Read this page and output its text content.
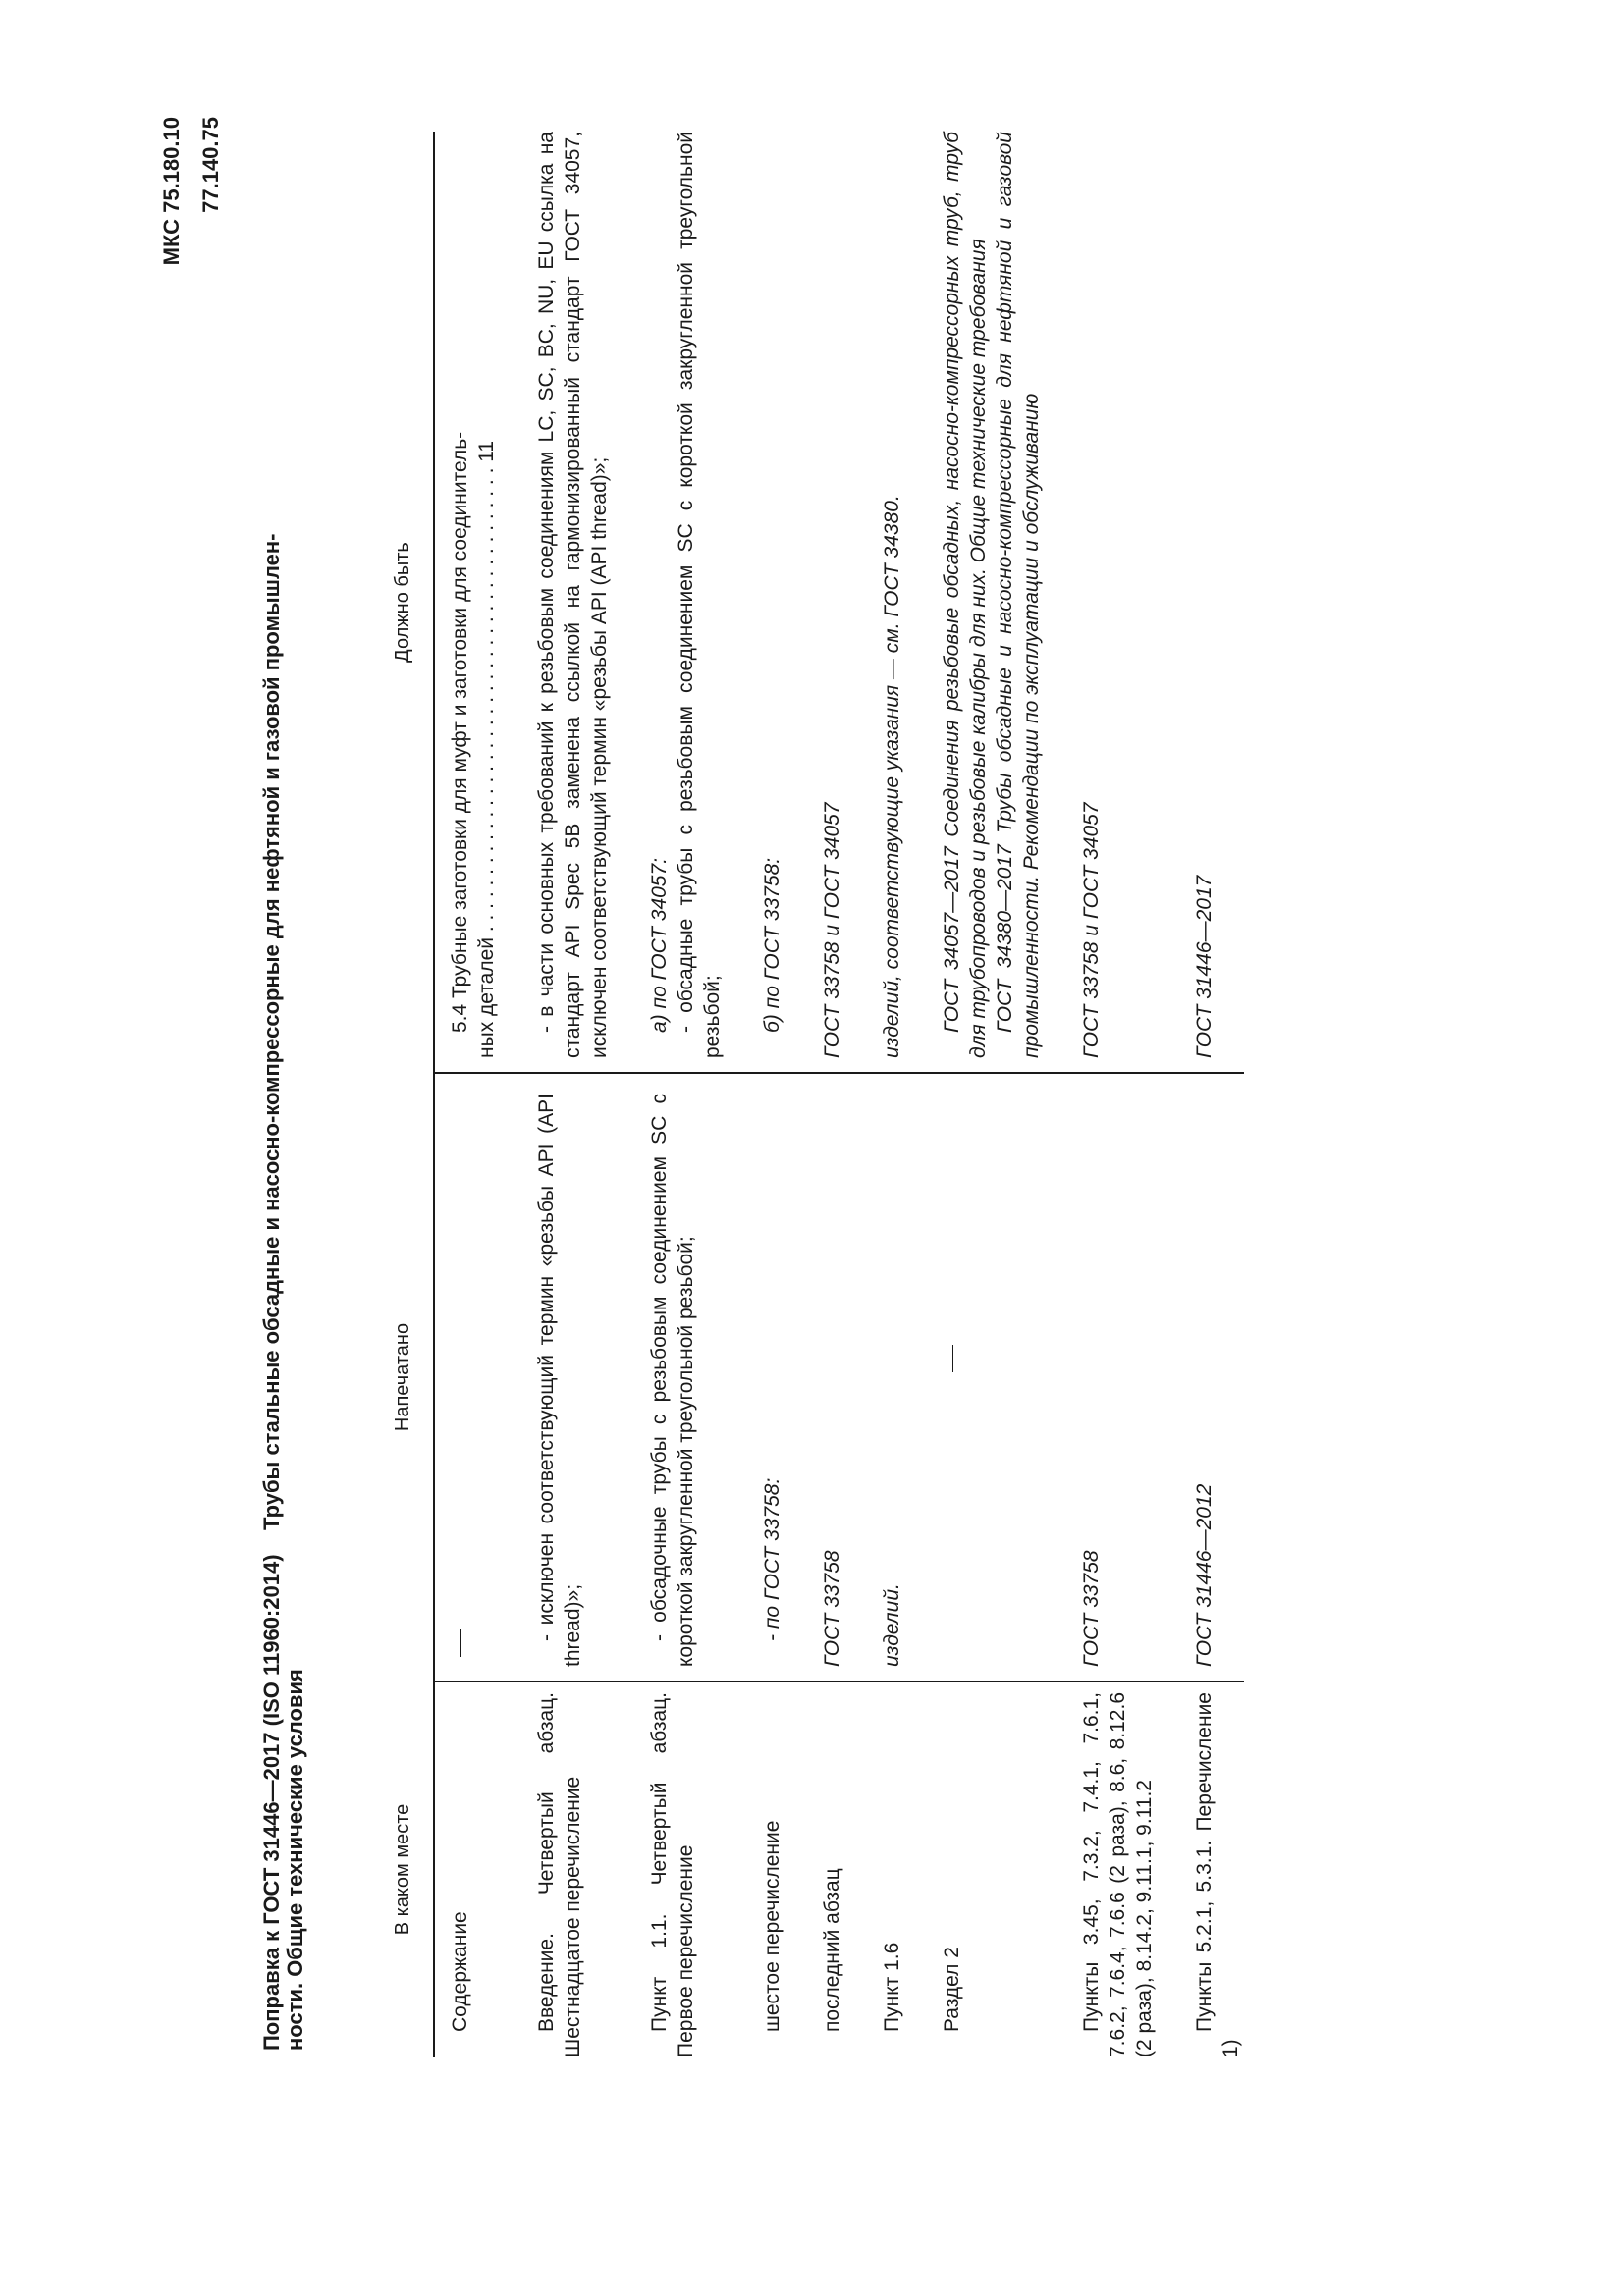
МКС 75.180.10 77.140.75
Поправка к ГОСТ 31446—2017 (ISO 11960:2014)    Трубы стальные обсадные и насосно-компрессорные для нефтяной и газовой промышлен- ности. Общие технические условия	В каком месте	Напечатано	Должно быть
Содержание		5.4 Трубные заготовки для муфт и заготовки для соединитель- ных деталей . . . . . . . . . . . . . . . . . . . . . . . . . . . . . . . . . . . . . . . . . 11

Введение. Четвертый абзац. Шестнадцатое перечисление	- исключен соответствующий термин «резьбы API (API thread)»;	- в части основных требований к резьбовым соединениям LC, SC, BC, NU, EU ссылка на стандарт API Spec 5B заменена ссылкой на гармонизированный стандарт ГОСТ 34057, исключен соответствующий термин «резьбы API (API thread)»;
Пункт 1.1. Четвертый абзац. Первое перечисление	- обсадочные трубы с резьбовым соединением SC с короткой закругленной треугольной резьбой;	а) по ГОСТ 34057: - обсадные трубы с резьбовым соединением SC с короткой закругленной треугольной резьбой;

шестое перечисление	- по ГОСТ 33758:	б) по ГОСТ 33758:
последний абзац	ГОСТ 33758	ГОСТ 33758 и ГОСТ 34057
Пункт 1.6	изделий.	изделий, соответствующие указания — см. ГОСТ 34380.
Раздел 2		ГОСТ 34057—2017 Соединения резьбовые обсадных, насосно-компрессорных труб, труб для трубопроводов и резьбовые калибры для них. Общие технические требования ГОСТ 34380—2017 Трубы обсадные и насосно-компрессорные для нефтяной и газовой промышленности. Рекомендации по эксплуатации и обслуживанию

Пункты 3.45, 7.3.2, 7.4.1, 7.6.1, 7.6.2, 7.6.4, 7.6.6 (2 раза), 8.6, 8.12.6 (2 раза), 8.14.2, 9.11.1, 9.11.2	ГОСТ 33758	ГОСТ 33758 и ГОСТ 34057
Пункты 5.2.1, 5.3.1. Перечисление 1)	ГОСТ 31446—2012	ГОСТ 31446—2017
